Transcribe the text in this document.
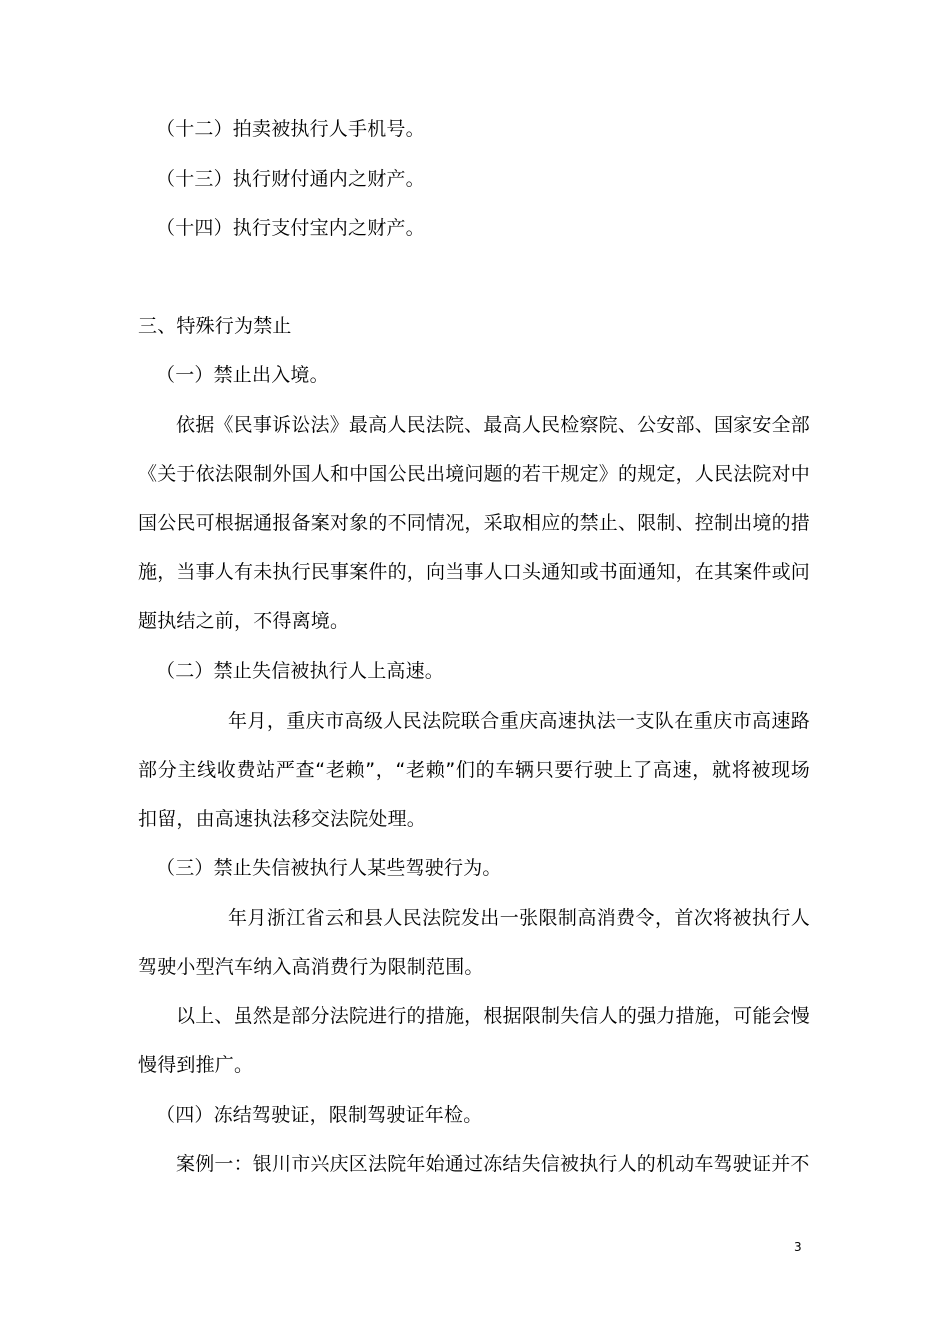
（十二）拍卖被执行人手机号。
（十三）执行财付通内之财产。
（十四）执行支付宝内之财产。
三、特殊行为禁止
（一）禁止出入境。
依据《民事诉讼法》最高人民法院、最高人民检察院、公安部、国家安全部《关于依法限制外国人和中国公民出境问题的若干规定》的规定，人民法院对中国公民可根据通报备案对象的不同情况，采取相应的禁止、限制、控制出境的措施，当事人有未执行民事案件的，向当事人口头通知或书面通知，在其案件或问题执结之前，不得离境。
（二）禁止失信被执行人上高速。
年月，重庆市高级人民法院联合重庆高速执法一支队在重庆市高速路部分主线收费站严查“老赖”，“老赖”们的车辆只要行驶上了高速，就将被现场扣留，由高速执法移交法院处理。
（三）禁止失信被执行人某些驾驶行为。
年月浙江省云和县人民法院发出一张限制高消费令，首次将被执行人驾驶小型汽车纳入高消费行为限制范围。
以上、虽然是部分法院进行的措施，根据限制失信人的强力措施，可能会慢慢得到推广。
（四）冻结驾驶证，限制驾驶证年检。
案例一：银川市兴庆区法院年始通过冻结失信被执行人的机动车驾驶证并不
3
